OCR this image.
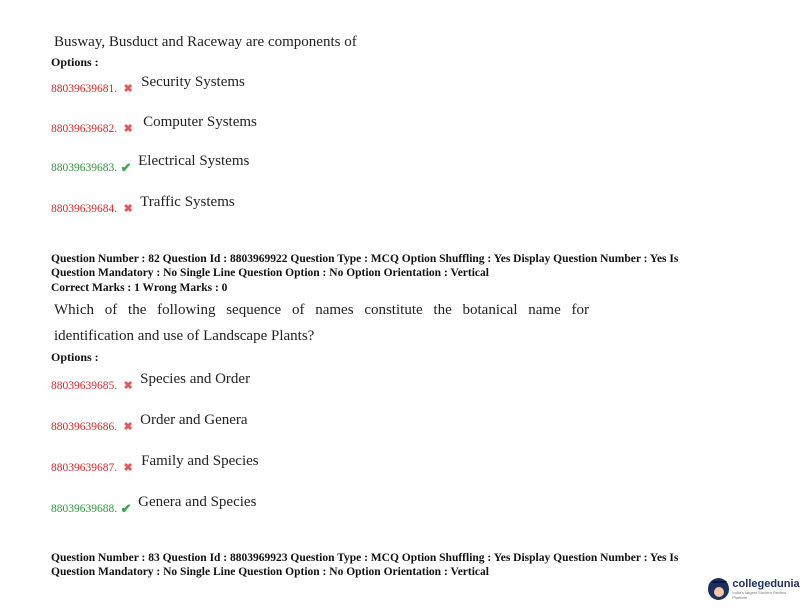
Busway, Busduct and Raceway are components of
Options :
88039639681. ✖ Security Systems
88039639682. ✖ Computer Systems
88039639683. ✔ Electrical Systems
88039639684. ✖ Traffic Systems
Question Number : 82 Question Id : 8803969922 Question Type : MCQ Option Shuffling : Yes Display Question Number : Yes Is
Question Mandatory : No Single Line Question Option : No Option Orientation : Vertical
Correct Marks : 1 Wrong Marks : 0
Which of the following sequence of names constitute the botanical name for
identification and use of Landscape Plants?
Options :
88039639685. ✖ Species and Order
88039639686. ✖ Order and Genera
88039639687. ✖ Family and Species
88039639688. ✔ Genera and Species
Question Number : 83 Question Id : 8803969923 Question Type : MCQ Option Shuffling : Yes Display Question Number : Yes Is
Question Mandatory : No Single Line Question Option : No Option Orientation : Vertical
collegedunia
India's largest Student Review Platform
